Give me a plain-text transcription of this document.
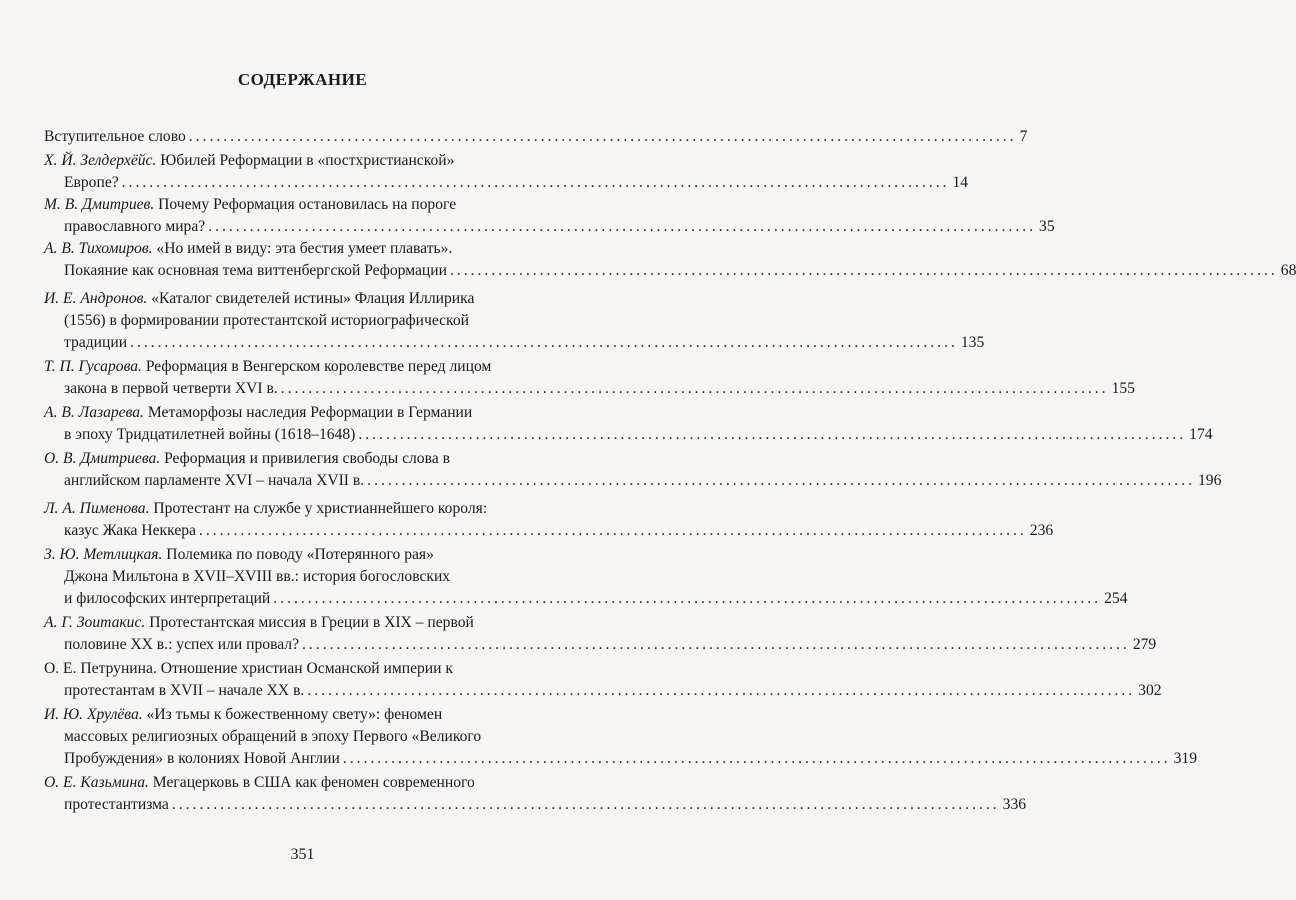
СОДЕРЖАНИЕ
Вступительное слово ........................................................................................................................ 7
Х. Й. Зелдерхёйс. Юбилей Реформации в «постхристианской»
Европе? ........................................................................................................................ 14
М. В. Дмитриев. Почему Реформация остановилась на пороге
православного мира? ........................................................................................................................ 35
А. В. Тихомиров. «Но имей в виду: эта бестия умеет плавать».
Покаяние как основная тема виттенбергской Реформации ........................................................................................................................ 68
И. Е. Андронов. «Каталог свидетелей истины» Флация Иллирика
(1556) в формировании протестантской историографической
традиции ........................................................................................................................ 135
Т. П. Гусарова. Реформация в Венгерском королевстве перед лицом
закона в первой четверти XVI в. ........................................................................................................................ 155
А. В. Лазарева. Метаморфозы наследия Реформации в Германии
в эпоху Тридцатилетней войны (1618–1648) ........................................................................................................................ 174
О. В. Дмитриева. Реформация и привилегия свободы слова в
английском парламенте XVI – начала XVII в. ........................................................................................................................ 196
Л. А. Пименова. Протестант на службе у христианнейшего короля:
казус Жака Неккера ........................................................................................................................ 236
З. Ю. Метлицкая. Полемика по поводу «Потерянного рая»
Джона Мильтона в XVII–XVIII вв.: история богословских
и философских интерпретаций ........................................................................................................................ 254
А. Г. Зоитакис. Протестантская миссия в Греции в XIX – первой
половине XX в.: успех или провал? ........................................................................................................................ 279
О. Е. Петрунина. Отношение христиан Османской империи к
протестантам в XVII – начале XX в. ........................................................................................................................ 302
И. Ю. Хрулёва. «Из тьмы к божественному свету»: феномен
массовых религиозных обращений в эпоху Первого «Великого
Пробуждения» в колониях Новой Англии ........................................................................................................................ 319
О. Е. Казьмина. Мегацерковь в США как феномен современного
протестантизма ........................................................................................................................ 336
351
